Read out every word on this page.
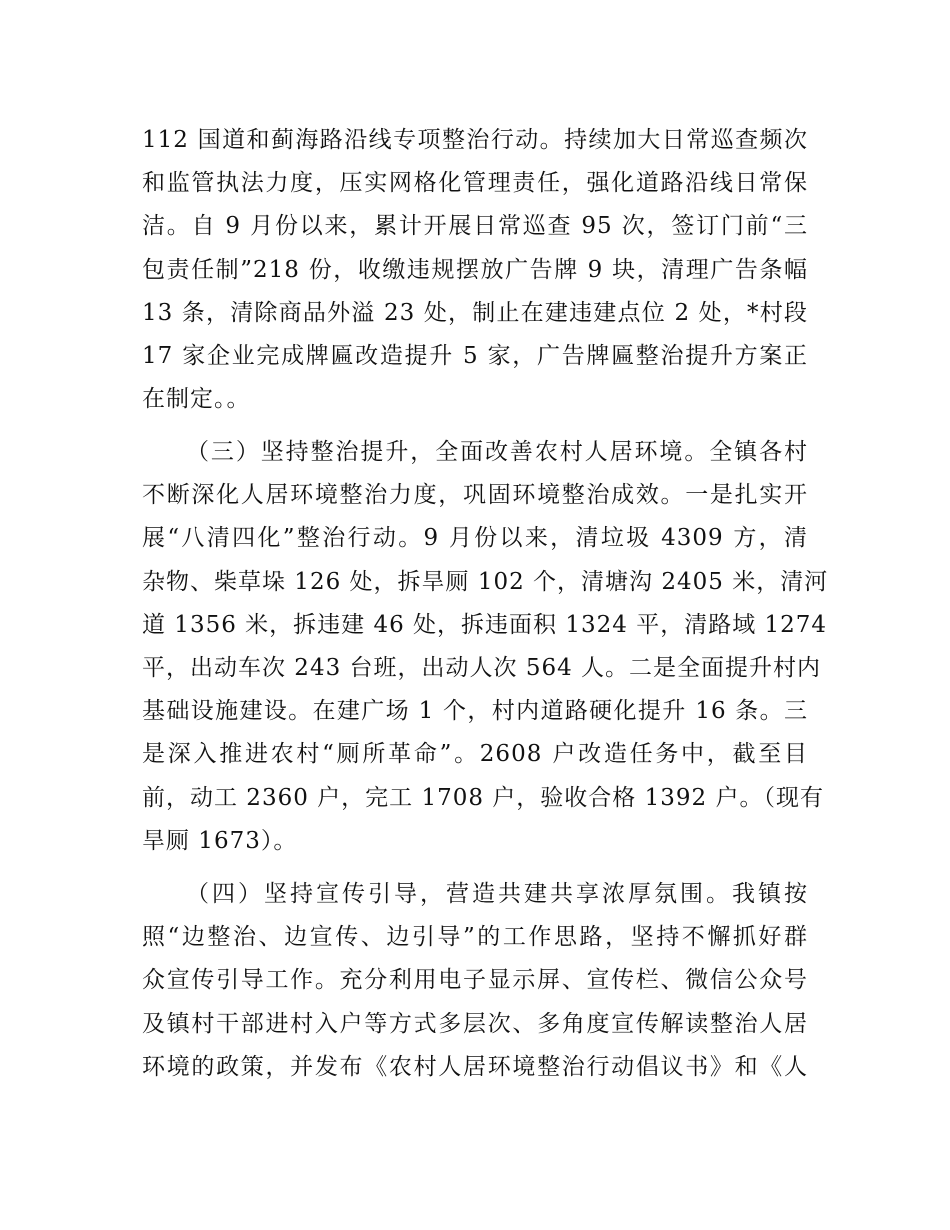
112 国道和蓟海路沿线专项整治行动。持续加大日常巡查频次
和监管执法力度，压实网格化管理责任，强化道路沿线日常保
洁。自 9 月份以来，累计开展日常巡查 95 次，签订门前“三
包责任制”218 份，收缴违规摆放广告牌 9 块，清理广告条幅
13 条，清除商品外溢 23 处，制止在建违建点位 2 处，*村段
17 家企业完成牌匾改造提升 5 家，广告牌匾整治提升方案正
在制定。。
（三）坚持整治提升，全面改善农村人居环境。全镇各村
不断深化人居环境整治力度，巩固环境整治成效。一是扎实开
展“八清四化”整治行动。9 月份以来，清垃圾 4309 方，清
杂物、柴草垛 126 处，拆旱厕 102 个，清塘沟 2405 米，清河
道 1356 米，拆违建 46 处，拆违面积 1324 平，清路域 1274
平，出动车次 243 台班，出动人次 564 人。二是全面提升村内
基础设施建设。在建广场 1 个，村内道路硬化提升 16 条。三
是深入推进农村“厕所革命”。2608 户改造任务中，截至目
前，动工 2360 户，完工 1708 户，验收合格 1392 户。（现有
旱厕 1673）。
（四）坚持宣传引导，营造共建共享浓厚氛围。我镇按
照“边整治、边宣传、边引导”的工作思路，坚持不懈抓好群
众宣传引导工作。充分利用电子显示屏、宣传栏、微信公众号
及镇村干部进村入户等方式多层次、多角度宣传解读整治人居
环境的政策，并发布《农村人居环境整治行动倡议书》和《人
